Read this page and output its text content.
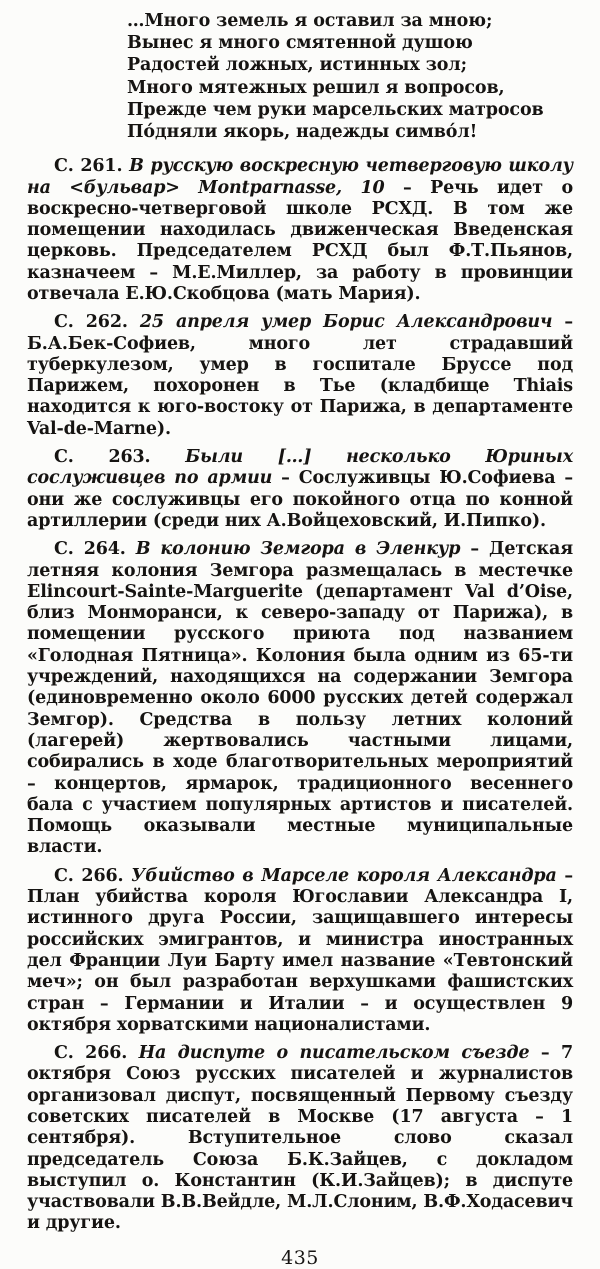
…Много земель я оставил за мною;
Вынес я много смятенной душою
Радостей ложных, истинных зол;
Много мятежных решил я вопросов,
Прежде чем руки марсельских матросов
По́дняли якорь, надежды симво́л!

С. 261. В русскую воскресную четверговую школу на <бульвар> Montparnasse, 10 – Речь идет о воскресно-четверговой школе РСХД. В том же помещении находилась движенческая Введенская церковь. Председателем РСХД был Ф.Т.Пьянов, казначеем – М.Е.Миллер, за работу в провинции отвечала Е.Ю.Скобцова (мать Мария).

С. 262. 25 апреля умер Борис Александрович – Б.А.Бек-Софиев, много лет страдавший туберкулезом, умер в госпитале Бруссе под Парижем, похоронен в Тье (кладбище Thiais находится к юго-востоку от Парижа, в департаменте Val-de-Marne).

С. 263. Были […] несколько Юриных сослуживцев по армии – Сослуживцы Ю.Софиева – они же сослуживцы его покойного отца по конной артиллерии (среди них А.Войцеховский, И.Пипко).

С. 264. В колонию Земгора в Эленкур – Детская летняя колония Земгора размещалась в местечке Elincourt-Sainte-Marguerite (департамент Val d’Oise, близ Монморанси, к северо-западу от Парижа), в помещении русского приюта под названием «Голодная Пятница». Колония была одним из 65-ти учреждений, находящихся на содержании Земгора (единовременно около 6000 русских детей содержал Земгор). Средства в пользу летних колоний (лагерей) жертвовались частными лицами, собирались в ходе благотворительных мероприятий – концертов, ярмарок, традиционного весеннего бала с участием популярных артистов и писателей. Помощь оказывали местные муниципальные власти.

С. 266. Убийство в Марселе короля Александра – План убийства короля Югославии Александра I, истинного друга России, защищавшего интересы российских эмигрантов, и министра иностранных дел Франции Луи Барту имел название «Тевтонский меч»; он был разработан верхушками фашистских стран – Германии и Италии – и осуществлен 9 октября хорватскими националистами.

С. 266. На диспуте о писательском съезде – 7 октября Союз русских писателей и журналистов организовал диспут, посвященный Первому съезду советских писателей в Москве (17 августа – 1 сентября). Вступительное слово сказал председатель Союза Б.К.Зайцев, с докладом выступил о. Константин (К.И.Зайцев); в диспуте участвовали В.В.Вейдле, М.Л.Слоним, В.Ф.Ходасевич и другие.

435
